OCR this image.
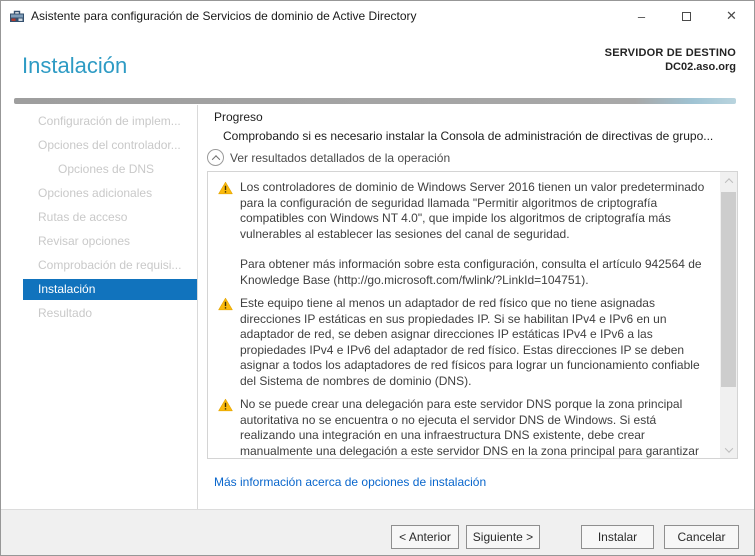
Asistente para configuración de Servicios de dominio de Active Directory	–	✕
Instalación	SERVIDOR DE DESTINO
DC02.aso.org
Configuración de implem...
Opciones del controlador...
Opciones de DNS
Opciones adicionales
Rutas de acceso
Revisar opciones
Comprobación de requisi...
Instalación
Resultado
Progreso
Comprobando si es necesario instalar la Consola de administración de directivas de grupo...
Ver resultados detallados de la operación

Los controladores de dominio de Windows Server 2016 tienen un valor predeterminado para la configuración de seguridad llamada "Permitir algoritmos de criptografía compatibles con Windows NT 4.0", que impide los algoritmos de criptografía más vulnerables al establecer las sesiones del canal de seguridad.

Para obtener más información sobre esta configuración, consulta el artículo 942564 de Knowledge Base (http://go.microsoft.com/fwlink/?LinkId=104751).

Este equipo tiene al menos un adaptador de red físico que no tiene asignadas direcciones IP estáticas en sus propiedades IP. Si se habilitan IPv4 e IPv6 en un adaptador de red, se deben asignar direcciones IP estáticas IPv4 e IPv6 a las propiedades IPv4 e IPv6 del adaptador de red físico. Estas direcciones IP se deben asignar a todos los adaptadores de red físicos para lograr un funcionamiento confiable del Sistema de nombres de dominio (DNS).

No se puede crear una delegación para este servidor DNS porque la zona principal autoritativa no se encuentra o no ejecuta el servidor DNS de Windows. Si está realizando una integración en una infraestructura DNS existente, debe crear manualmente una delegación a este servidor DNS en la zona principal para garantizar

Más información acerca de opciones de instalación
< Anterior	Siguiente >	Instalar	Cancelar
